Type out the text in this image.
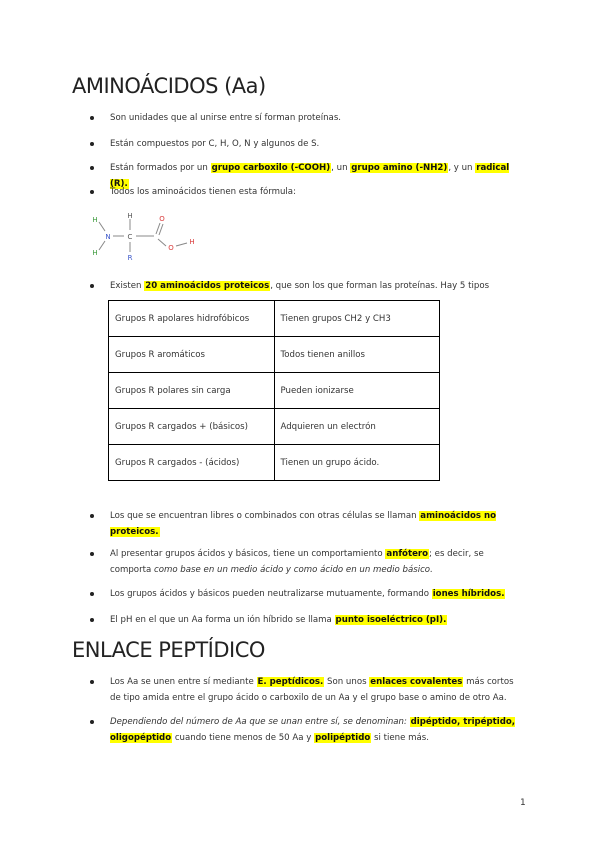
AMINOÁCIDOS (Aa)
Son unidades que al unirse entre sí forman proteínas.
Están compuestos por C, H, O, N y algunos de S.
Están formados por un grupo carboxilo (-COOH), un grupo amino (-NH2), y un radical (R).
Todos los aminoácidos tienen esta fórmula:
H
H
H
N C
R
O
O
H
Existen 20 aminoácidos proteicos, que son los que forman las proteínas. Hay 5 tipos
Grupos R apolares hidrofóbicos	Tienen grupos CH2 y CH3
Grupos R aromáticos	Todos tienen anillos
Grupos R polares sin carga	Pueden ionizarse
Grupos R cargados + (básicos)	Adquieren un electrón
Grupos R cargados - (ácidos)	Tienen un grupo ácido.
Los que se encuentran libres o combinados con otras células se llaman aminoácidos no proteicos.
Al presentar grupos ácidos y básicos, tiene un comportamiento anfótero; es decir, se comporta como base en un medio ácido y como ácido en un medio básico.
Los grupos ácidos y básicos pueden neutralizarse mutuamente, formando iones híbridos.
El pH en el que un Aa forma un ión híbrido se llama punto isoeléctrico (pI).
ENLACE PEPTÍDICO
Los Aa se unen entre sí mediante E. peptídicos. Son unos enlaces covalentes más cortos de tipo amida entre el grupo ácido o carboxilo de un Aa y el grupo base o amino de otro Aa.
Dependiendo del número de Aa que se unan entre sí, se denominan: dipéptido, tripéptido, oligopéptido cuando tiene menos de 50 Aa y polipéptido si tiene más.
1
